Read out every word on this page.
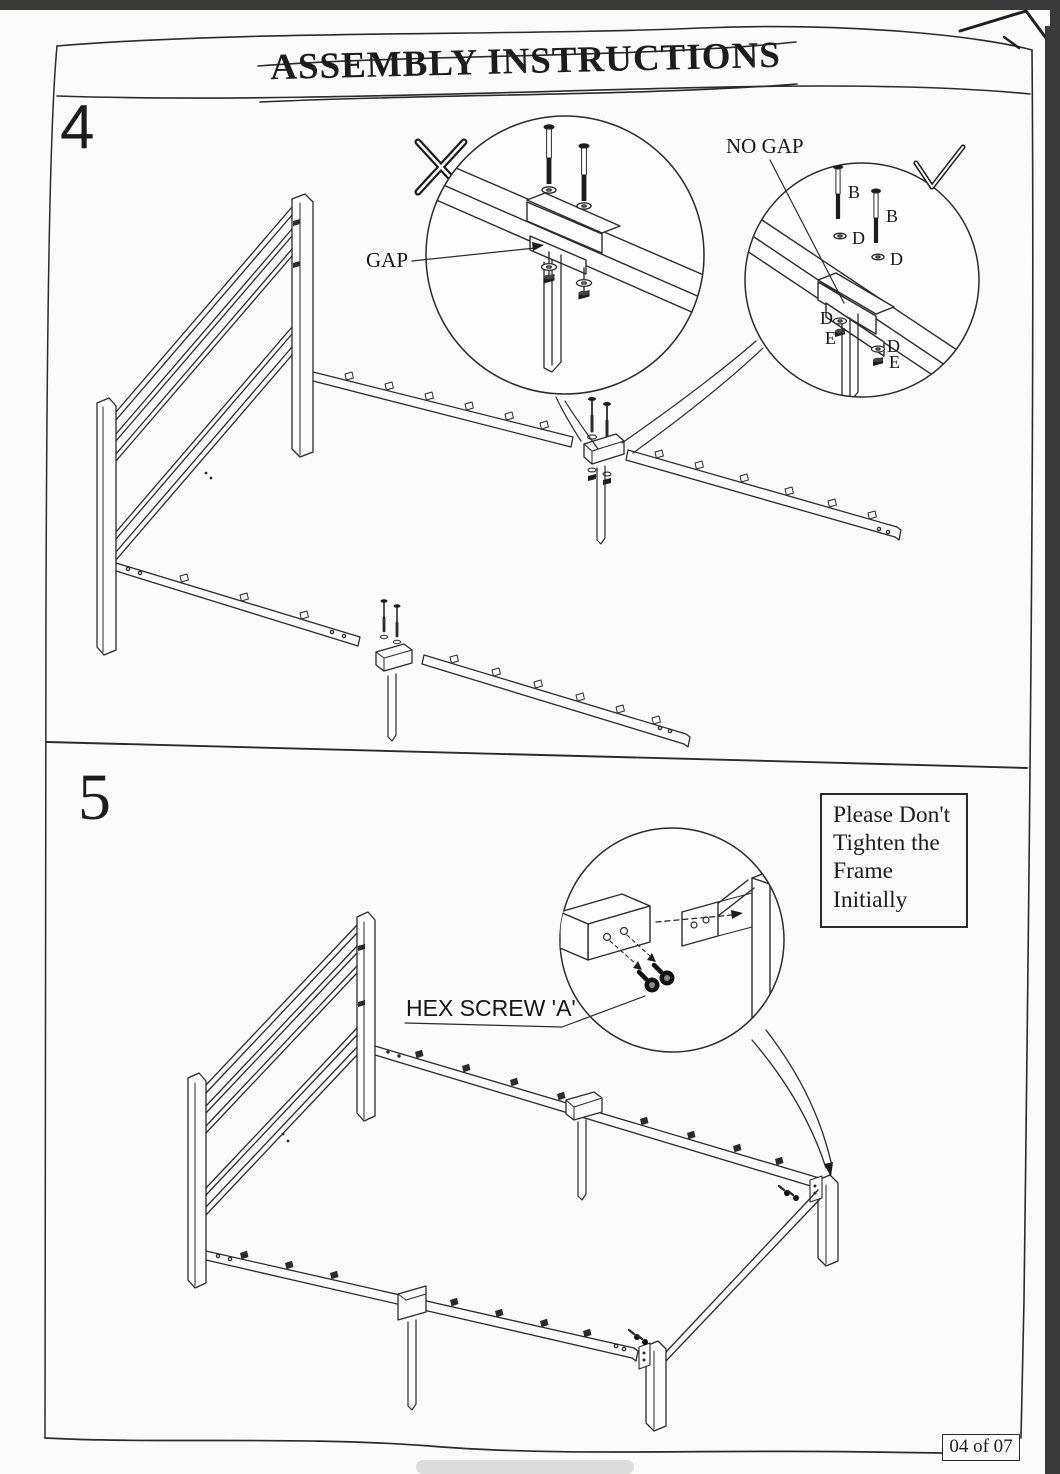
GAP
NO GAP
B
B
D
D
D
E	D
E
HEX SCREW 'A'
ASSEMBLY INSTRUCTIONS
4
5	Please Don't Tighten the Frame Initially
04 of 07
